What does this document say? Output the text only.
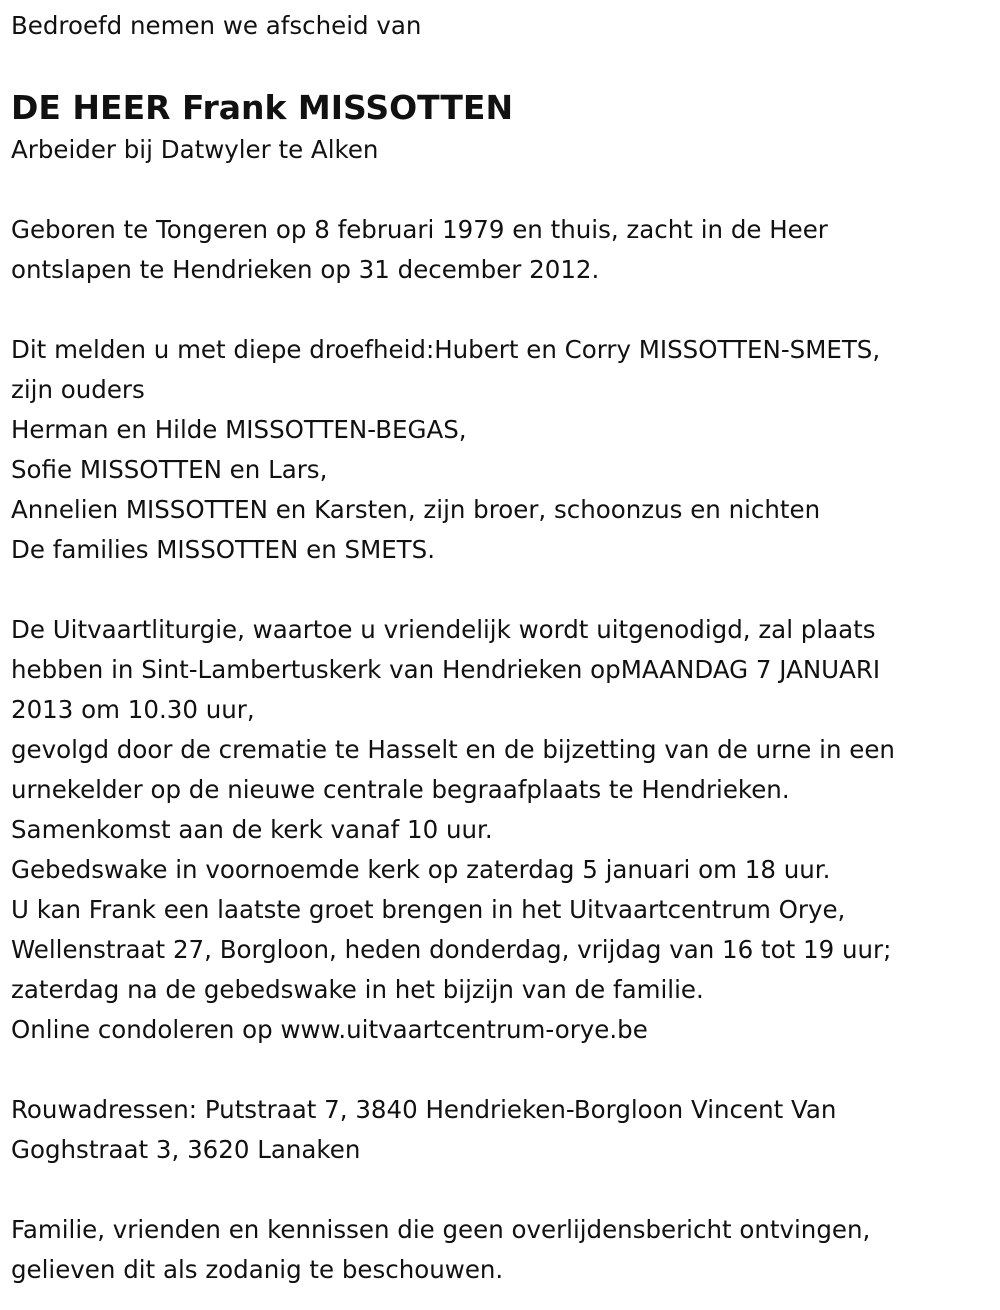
Bedroefd nemen we afscheid van

DE HEER Frank MISSOTTEN

Arbeider bij Datwyler te Alken

Geboren te Tongeren op 8 februari 1979 en thuis, zacht in de Heer

ontslapen te Hendrieken op 31 december 2012.

Dit melden u met diepe droefheid:Hubert en Corry MISSOTTEN-SMETS,

zijn ouders

Herman en Hilde MISSOTTEN-BEGAS,

Sofie MISSOTTEN en Lars,

Annelien MISSOTTEN en Karsten, zijn broer, schoonzus en nichten

De families MISSOTTEN en SMETS.

De Uitvaartliturgie, waartoe u vriendelijk wordt uitgenodigd, zal plaats

hebben in Sint-Lambertuskerk van Hendrieken opMAANDAG 7 JANUARI

2013 om 10.30 uur,

gevolgd door de crematie te Hasselt en de bijzetting van de urne in een

urnekelder op de nieuwe centrale begraafplaats te Hendrieken.

Samenkomst aan de kerk vanaf 10 uur.

Gebedswake in voornoemde kerk op zaterdag 5 januari om 18 uur.

U kan Frank een laatste groet brengen in het Uitvaartcentrum Orye,

Wellenstraat 27, Borgloon, heden donderdag, vrijdag van 16 tot 19 uur;

zaterdag na de gebedswake in het bijzijn van de familie.

Online condoleren op www.uitvaartcentrum-orye.be

Rouwadressen: Putstraat 7, 3840 Hendrieken-Borgloon Vincent Van

Goghstraat 3, 3620 Lanaken

Familie, vrienden en kennissen die geen overlijdensbericht ontvingen,

gelieven dit als zodanig te beschouwen.
